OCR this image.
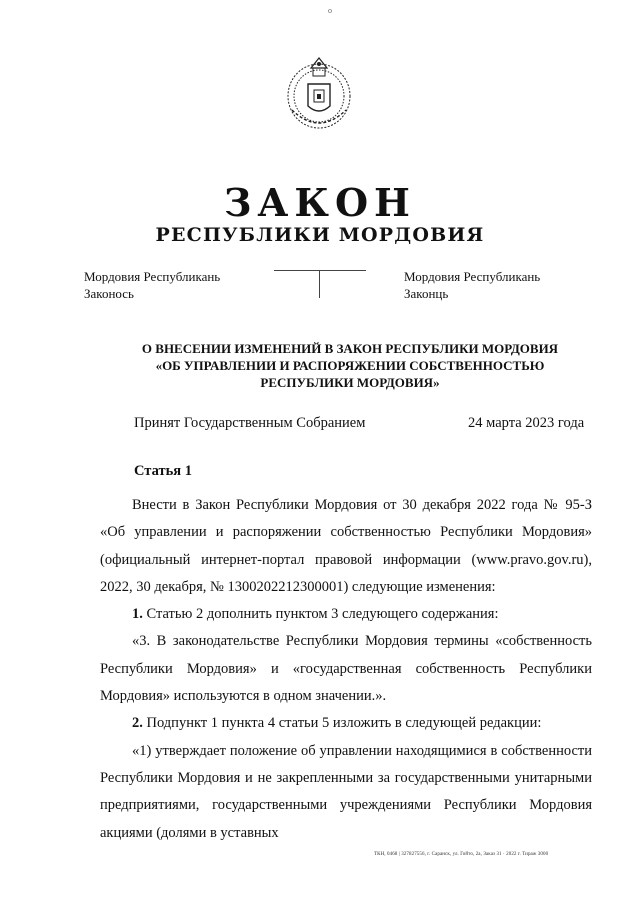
о
ЗАКОН
РЕСПУБЛИКИ МОРДОВИЯ
Мордовия Республикань
Законось
Мордовия Республикань
Законць
О ВНЕСЕНИИ ИЗМЕНЕНИЙ В ЗАКОН РЕСПУБЛИКИ МОРДОВИЯ
«ОБ УПРАВЛЕНИИ И РАСПОРЯЖЕНИИ СОБСТВЕННОСТЬЮ
РЕСПУБЛИКИ МОРДОВИЯ»
Принят Государственным Собранием	24 марта 2023 года
Статья 1

Внести в Закон Республики Мордовия от 30 декабря 2022 года № 95-З «Об управлении и распоряжении собственностью Республики Мордовия» (официальный интернет-портал правовой информации (www.pravo.gov.ru), 2022, 30 декабря, № 1300202212300001) следующие изменения:

1. Статью 2 дополнить пунктом 3 следующего содержания:

«3. В законодательстве Республики Мордовия термины «собственность Республики Мордовия» и «государственная собственность Республики Мордовия» используются в одном значении.».

2. Подпункт 1 пункта 4 статьи 5 изложить в следующей редакции:

«1) утверждает положение об управлении находящимися в собственности Республики Мордовия и не закрепленными за государственными унитарными предприятиями, государственными учреждениями Республики Мордовия акциями (долями в уставных

ТКН, 0468 | 327827556, г. Саранск, ул. Гойто, 2а, Заказ 31 · 2022 г. Тираж 3000
